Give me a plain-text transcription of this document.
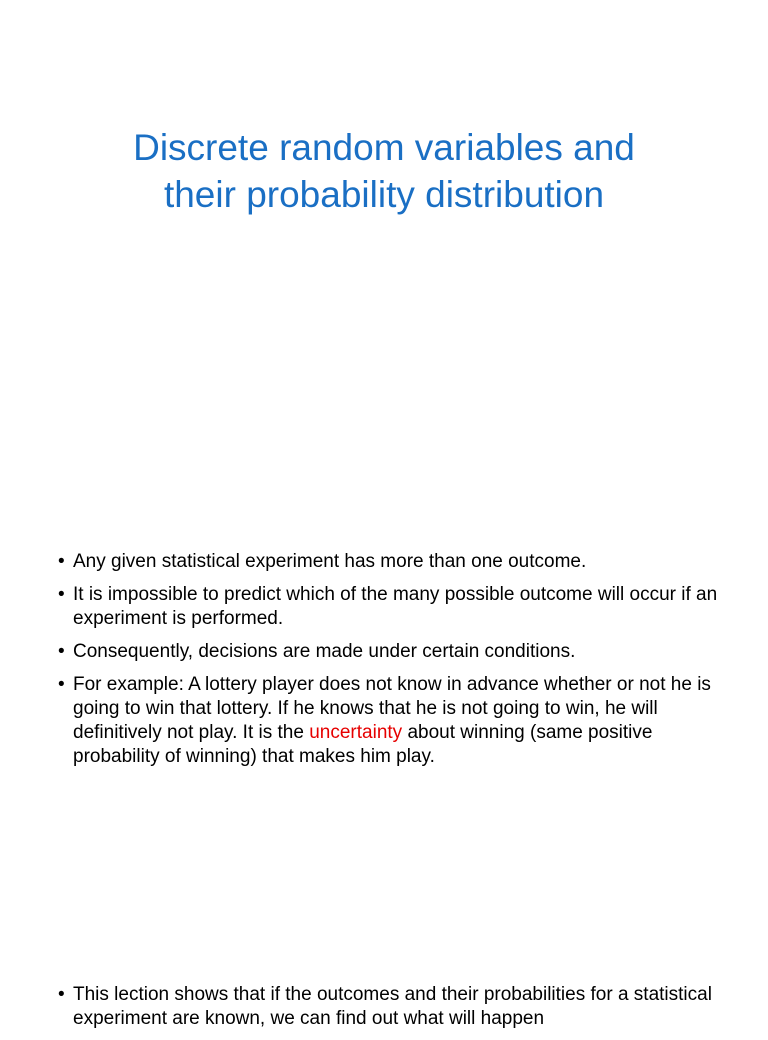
Discrete random variables and
their probability distribution
• Any given statistical experiment has more than one outcome.
• It is impossible to predict which of the many possible outcome will occur if an experiment is performed.
• Consequently, decisions are made under certain conditions.
• For example: A lottery player does not know in advance whether or not he is going to win that lottery. If he knows that he is not going to win, he will definitively not play. It is the uncertainty about winning (same positive probability of winning) that makes him play.
• This lection shows that if the outcomes and their probabilities for a statistical experiment are known, we can find out what will happen
